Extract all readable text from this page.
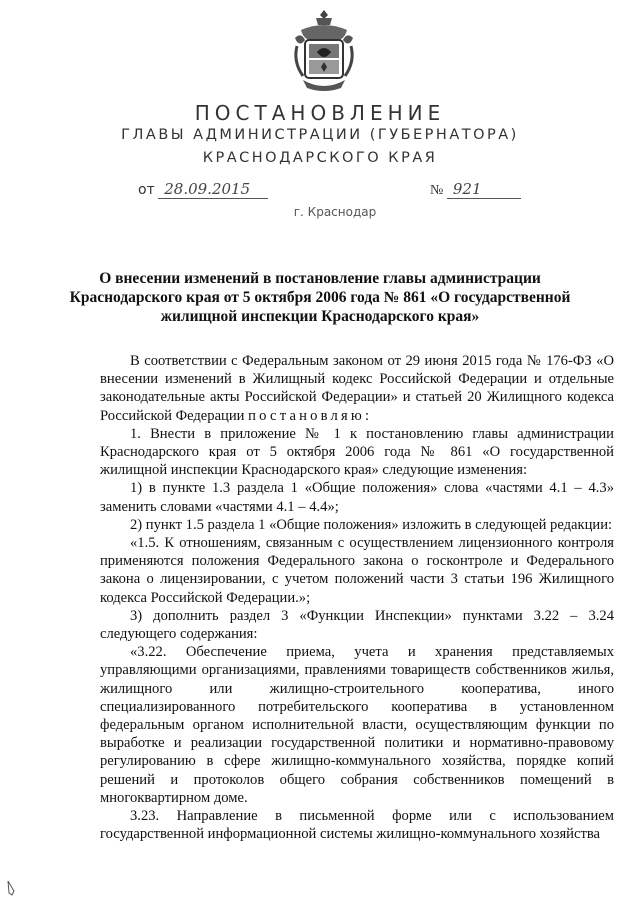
ПОСТАНОВЛЕНИЕ
ГЛАВЫ АДМИНИСТРАЦИИ (ГУБЕРНАТОРА)
КРАСНОДАРСКОГО КРАЯ
от 28.09.2015	№ 921
г. Краснодар
О внесении изменений в постановление главы администрации
Краснодарского края от 5 октября 2006 года № 861 «О государственной
жилищной инспекции Краснодарского края»

В соответствии с Федеральным законом от 29 июня 2015 года № 176-ФЗ «О внесении изменений в Жилищный кодекс Российской Федерации и отдельные законодательные акты Российской Федерации» и статьей 20 Жилищного кодекса Российской Федерации постановляю:

1. Внести в приложение № 1 к постановлению главы администрации Краснодарского края от 5 октября 2006 года № 861 «О государственной жилищной инспекции Краснодарского края» следующие изменения:

1) в пункте 1.3 раздела 1 «Общие положения» слова «частями 4.1 – 4.3» заменить словами «частями 4.1 – 4.4»;

2) пункт 1.5 раздела 1 «Общие положения» изложить в следующей редакции:

«1.5. К отношениям, связанным с осуществлением лицензионного контроля применяются положения Федерального закона о госконтроле и Федерального закона о лицензировании, с учетом положений части 3 статьи 196 Жилищного кодекса Российской Федерации.»;

3) дополнить раздел 3 «Функции Инспекции» пунктами 3.22 – 3.24 следующего содержания:

«3.22. Обеспечение приема, учета и хранения представляемых управляющими организациями, правлениями товариществ собственников жилья, жилищного или жилищно-строительного кооператива, иного специализированного потребительского кооператива в установленном федеральным органом исполнительной власти, осуществляющим функции по выработке и реализации государственной политики и нормативно-правовому регулированию в сфере жилищно-коммунального хозяйства, порядке копий решений и протоколов общего собрания собственников помещений в многоквартирном доме.

3.23. Направление в письменной форме или с использованием государственной информационной системы жилищно-коммунального хозяйства
